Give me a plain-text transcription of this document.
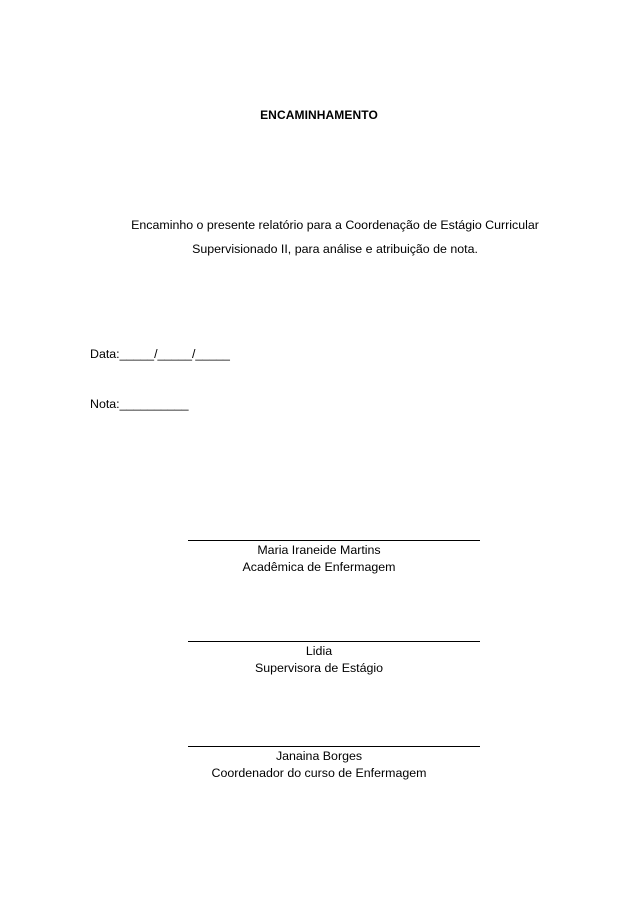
ENCAMINHAMENTO
Encaminho o presente relatório para a Coordenação de Estágio Curricular
Supervisionado II, para análise e atribuição de nota.
Data:_____/_____/_____
Nota:__________
Maria Iraneide Martins
Acadêmica de Enfermagem
Lidia
Supervisora de Estágio
Janaina Borges
Coordenador do curso de Enfermagem
